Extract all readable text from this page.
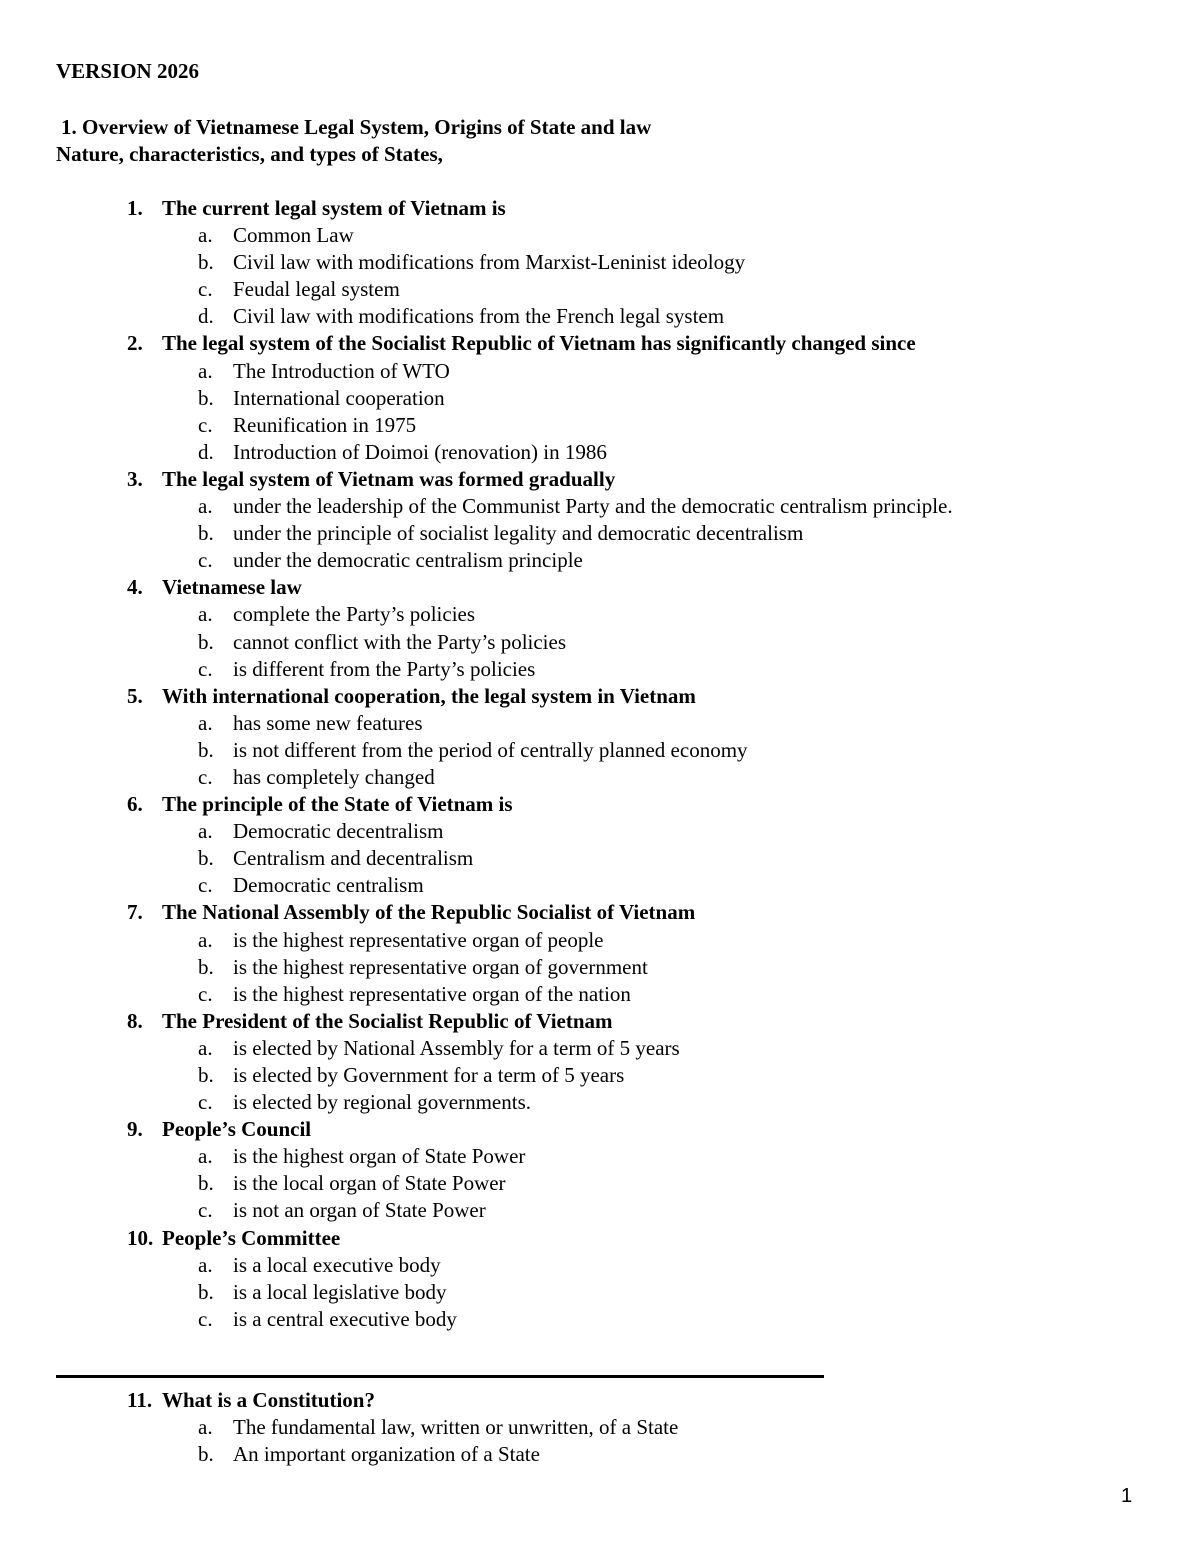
VERSION 2026
1. Overview of Vietnamese Legal System, Origins of State and law
Nature, characteristics, and types of States,
1. The current legal system of Vietnam is
a. Common Law
b. Civil law with modifications from Marxist-Leninist ideology
c. Feudal legal system
d. Civil law with modifications from the French legal system
2. The legal system of the Socialist Republic of Vietnam has significantly changed since
a. The Introduction of WTO
b. International cooperation
c. Reunification in 1975
d. Introduction of Doimoi (renovation) in 1986
3. The legal system of Vietnam was formed gradually
a. under the leadership of the Communist Party and the democratic centralism principle.
b. under the principle of socialist legality and democratic decentralism
c. under the democratic centralism principle
4. Vietnamese law
a. complete the Party’s policies
b. cannot conflict with the Party’s policies
c. is different from the Party’s policies
5. With international cooperation, the legal system in Vietnam
a. has some new features
b. is not different from the period of centrally planned economy
c. has completely changed
6. The principle of the State of Vietnam is
a. Democratic decentralism
b. Centralism and decentralism
c. Democratic centralism
7. The National Assembly of the Republic Socialist of Vietnam
a. is the highest representative organ of people
b. is the highest representative organ of government
c. is the highest representative organ of the nation
8. The President of the Socialist Republic of Vietnam
a. is elected by National Assembly for a term of 5 years
b. is elected by Government for a term of 5 years
c. is elected by regional governments.
9. People’s Council
a. is the highest organ of State Power
b. is the local organ of State Power
c. is not an organ of State Power
10. People’s Committee
a. is a local executive body
b. is a local legislative body
c. is a central executive body
11. What is a Constitution?
a. The fundamental law, written or unwritten, of a State
b. An important organization of a State
1
